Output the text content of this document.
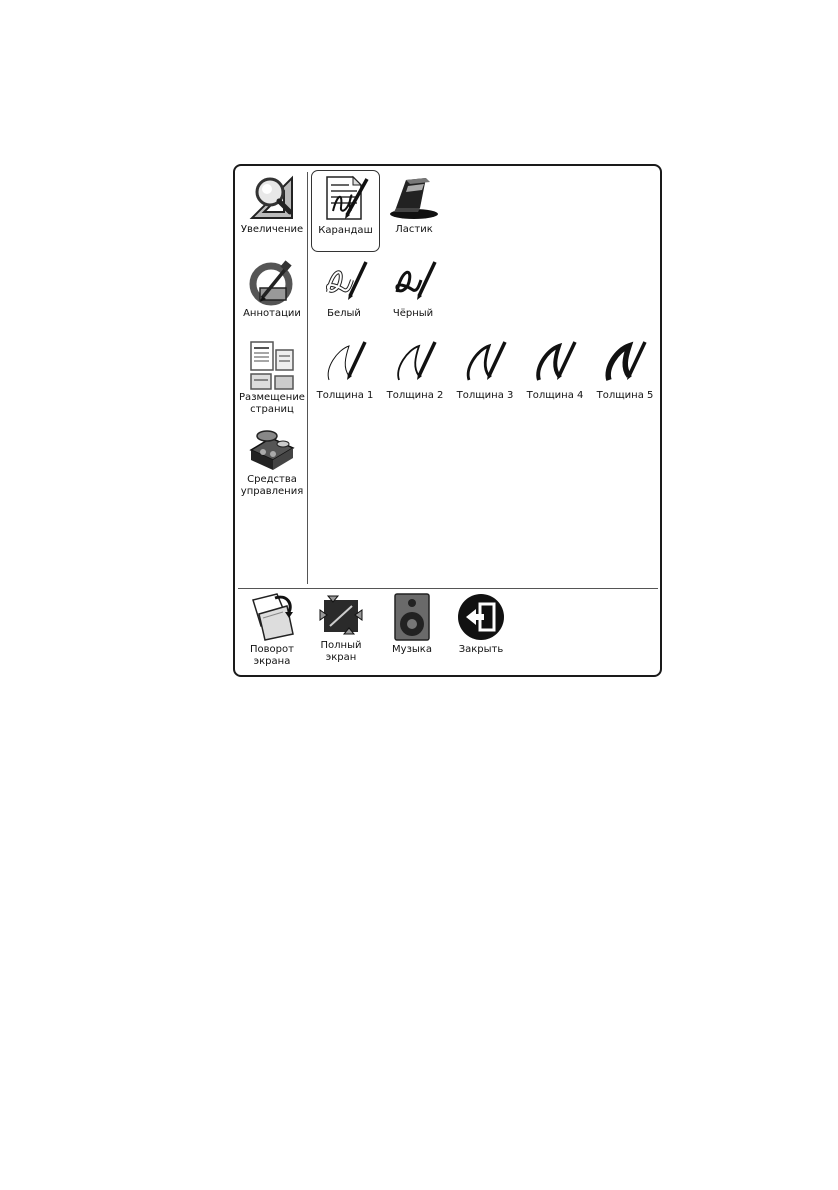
Увеличение
Аннотации
Размещение
страниц
Средства
управления
Карандаш Ластик
Белый	Чёрный
Толщина 1 Толщина 2 Толщина 3 Толщина 4 Толщина 5
Поворот
экрана
Полный
экран
Музыка	Закрыть
